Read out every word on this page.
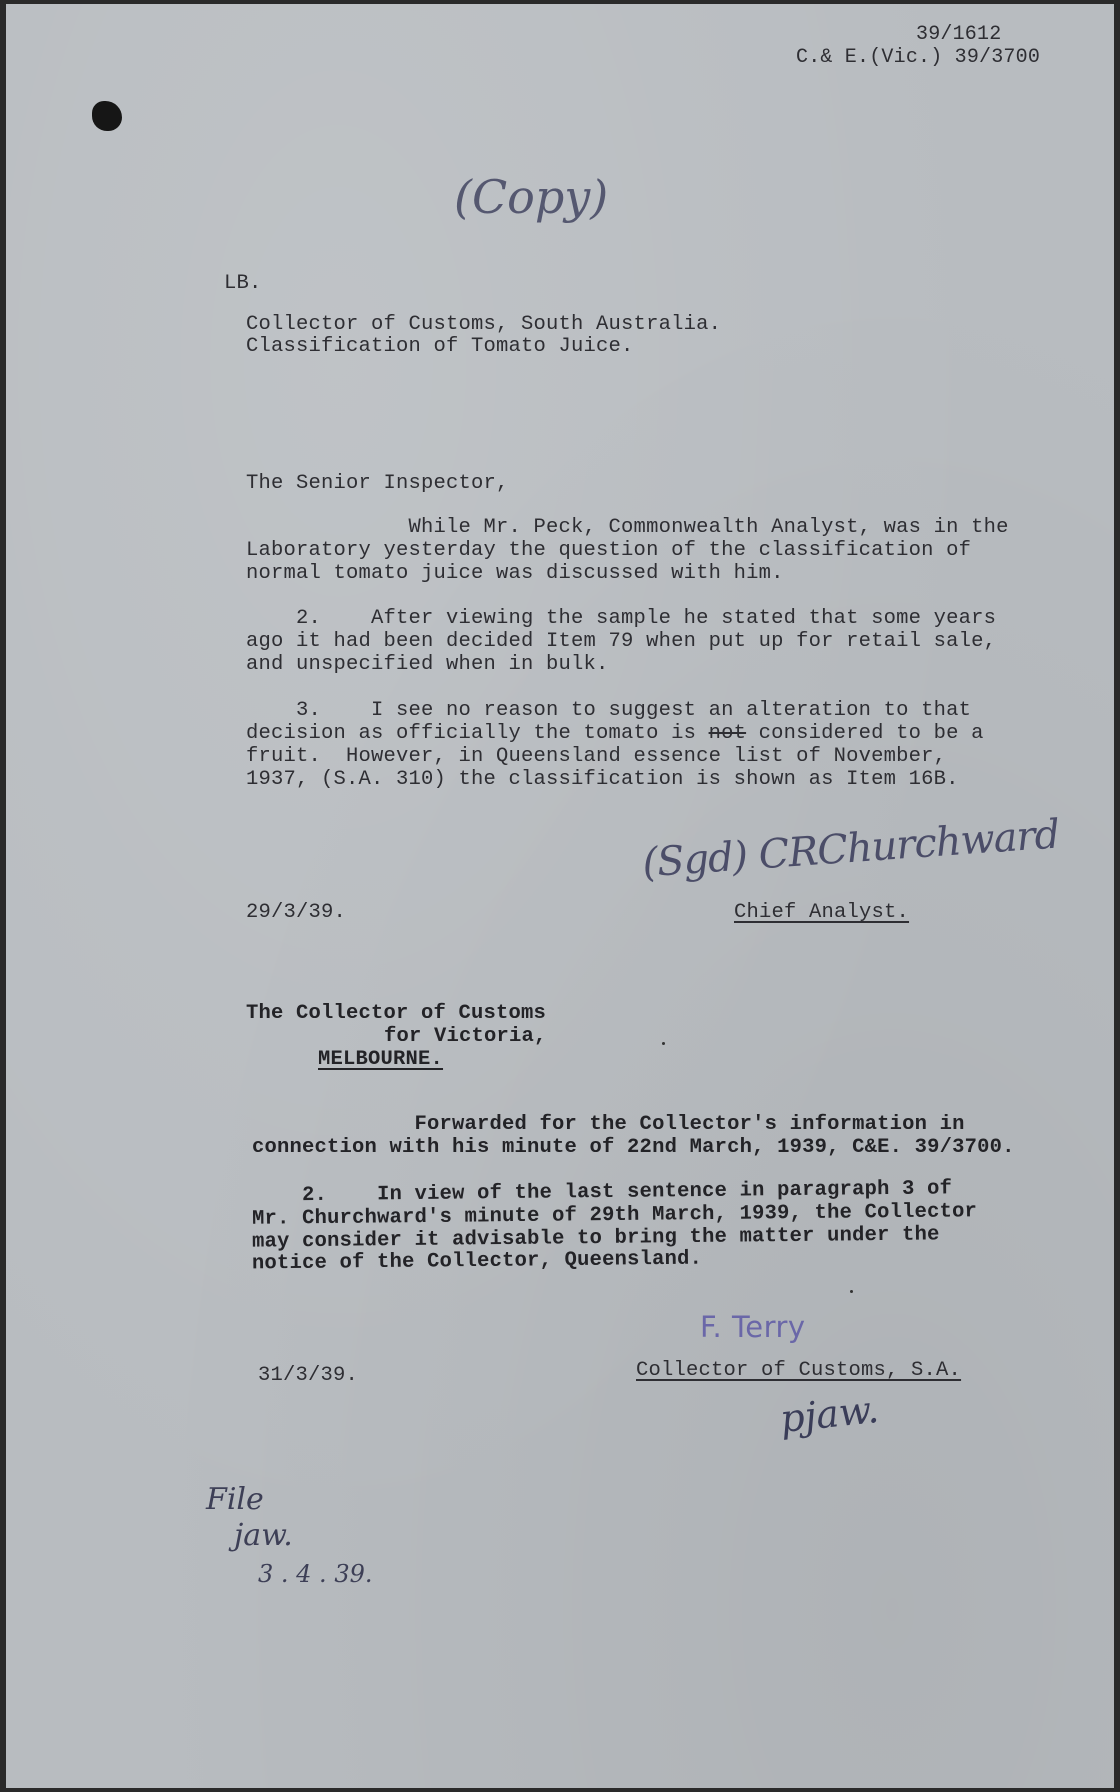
39/1612
C.& E.(Vic.) 39/3700
(Copy)
LB.
Collector of Customs, South Australia.
Classification of Tomato Juice.
The Senior Inspector,
While Mr. Peck, Commonwealth Analyst, was in the
Laboratory yesterday the question of the classification of
normal tomato juice was discussed with him.
2.    After viewing the sample he stated that some years
ago it had been decided Item 79 when put up for retail sale,
and unspecified when in bulk.
3.    I see no reason to suggest an alteration to that
decision as officially the tomato is not considered to be a
fruit.  However, in Queensland essence list of November,
1937, (S.A. 310) the classification is shown as Item 16B.
(Sgd) CRChurchward
29/3/39.	Chief Analyst.
The Collector of Customs
for Victoria,
MELBOURNE.
Forwarded for the Collector's information in
connection with his minute of 22nd March, 1939, C&E. 39/3700.
2.    In view of the last sentence in paragraph 3 of
Mr. Churchward's minute of 29th March, 1939, the Collector
may consider it advisable to bring the matter under the
notice of the Collector, Queensland.
F. Terry
31/3/39.	Collector of Customs, S.A.
pjaw.
File
jaw.
3 . 4 . 39.
